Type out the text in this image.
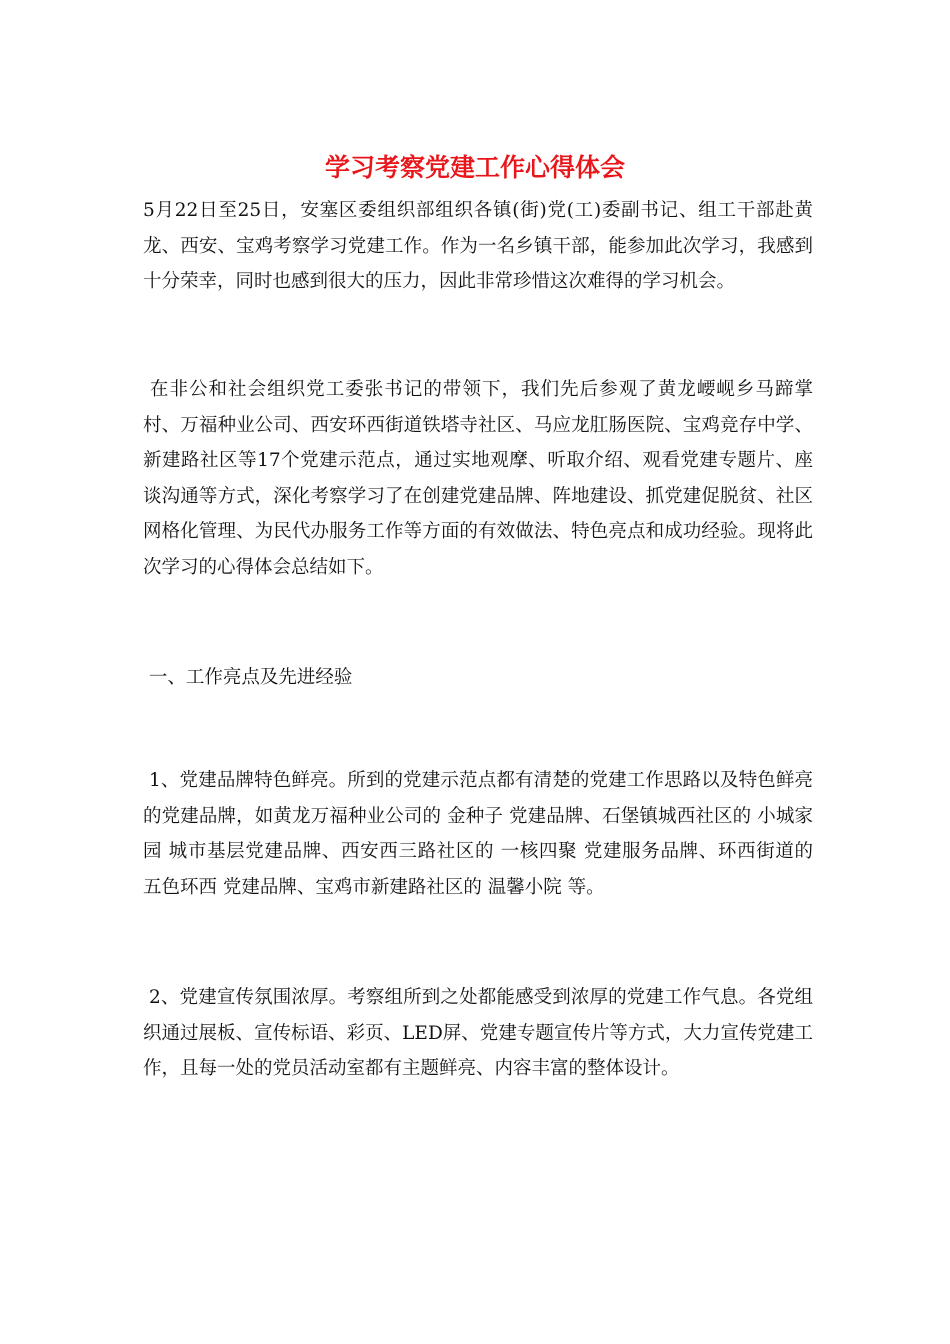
学习考察党建工作心得体会

5月22日至25日，安塞区委组织部组织各镇(街)党(工)委副书记、组工干部赴黄龙、西安、宝鸡考察学习党建工作。作为一名乡镇干部，能参加此次学习，我感到十分荣幸，同时也感到很大的压力，因此非常珍惜这次难得的学习机会。

在非公和社会组织党工委张书记的带领下，我们先后参观了黄龙崾岘乡马蹄掌村、万福种业公司、西安环西街道铁塔寺社区、马应龙肛肠医院、宝鸡竞存中学、新建路社区等17个党建示范点，通过实地观摩、听取介绍、观看党建专题片、座谈沟通等方式，深化考察学习了在创建党建品牌、阵地建设、抓党建促脱贫、社区网格化管理、为民代办服务工作等方面的有效做法、特色亮点和成功经验。现将此次学习的心得体会总结如下。

一、工作亮点及先进经验

1、党建品牌特色鲜亮。所到的党建示范点都有清楚的党建工作思路以及特色鲜亮的党建品牌，如黄龙万福种业公司的 金种子 党建品牌、石堡镇城西社区的 小城家园 城市基层党建品牌、西安西三路社区的 一核四聚 党建服务品牌、环西街道的 五色环西 党建品牌、宝鸡市新建路社区的 温馨小院 等。

2、党建宣传氛围浓厚。考察组所到之处都能感受到浓厚的党建工作气息。各党组织通过展板、宣传标语、彩页、LED屏、党建专题宣传片等方式，大力宣传党建工作，且每一处的党员活动室都有主题鲜亮、内容丰富的整体设计。
